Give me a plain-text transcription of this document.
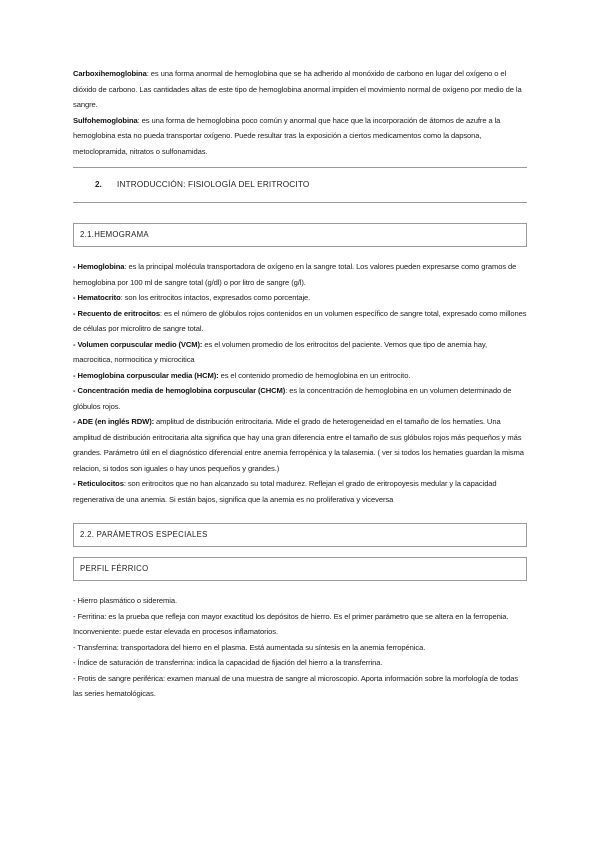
Carboxihemoglobina: es una forma anormal de hemoglobina que se ha adherido al monóxido de carbono en lugar del oxígeno o el dióxido de carbono. Las cantidades altas de este tipo de hemoglobina anormal impiden el movimiento normal de oxígeno por medio de la sangre.

Sulfohemoglobina: es una forma de hemoglobina poco común y anormal que hace que la incorporación de átomos de azufre a la hemoglobina esta no pueda transportar oxígeno. Puede resultar tras la exposición a ciertos medicamentos como la dapsona, metoclopramida, nitratos o sulfonamidas.

2. INTRODUCCIÓN: FISIOLOGÍA DEL ERITROCITO
2.1.HEMOGRAMA

- Hemoglobina: es la principal molécula transportadora de oxígeno en la sangre total. Los valores pueden expresarse como gramos de hemoglobina por 100 ml de sangre total (g/dl) o por litro de sangre (g/l).

- Hematocrito: son los eritrocitos intactos, expresados como porcentaje.

- Recuento de eritrocitos: es el número de glóbulos rojos contenidos en un volumen específico de sangre total, expresado como millones de células por microlitro de sangre total.

- Volumen corpuscular medio (VCM): es el volumen promedio de los eritrocitos del paciente. Vemos que tipo de anemia hay, macrocitica, normocitica y microcitica

- Hemoglobina corpuscular media (HCM): es el contenido promedio de hemoglobina en un eritrocito.

- Concentración media de hemoglobina corpuscular (CHCM): es la concentración de hemoglobina en un volumen determinado de glóbulos rojos.

- ADE (en inglés RDW): amplitud de distribución eritrocitaria. Mide el grado de heterogeneidad en el tamaño de los hematíes. Una amplitud de distribución eritrocitaria alta significa que hay una gran diferencia entre el tamaño de sus glóbulos rojos más pequeños y más grandes. Parámetro útil en el diagnóstico diferencial entre anemia ferropénica y la talasemia. ( ver si todos los hematies guardan la misma relacion, si todos son iguales o hay unos pequeños y grandes.)

- Reticulocitos: son eritrocitos que no han alcanzado su total madurez. Reflejan el grado de eritropoyesis medular y la capacidad regenerativa de una anemia. Si están bajos, significa que la anemia es no proliferativa y viceversa

2.2. PARÁMETROS ESPECIALES
PERFIL FÉRRICO

- Hierro plasmático o sideremia.

- Ferritina: es la prueba que refleja con mayor exactitud los depósitos de hierro. Es el primer parámetro que se altera en la ferropenia. Inconveniente: puede estar elevada en procesos inflamatorios.

- Transferrina: transportadora del hierro en el plasma. Está aumentada su síntesis en la anemia ferropénica.

- Índice de saturación de transferrina: indica la capacidad de fijación del hierro a la transferrina.

- Frotis de sangre periférica: examen manual de una muestra de sangre al microscopio. Aporta información sobre la morfología de todas las series hematológicas.
